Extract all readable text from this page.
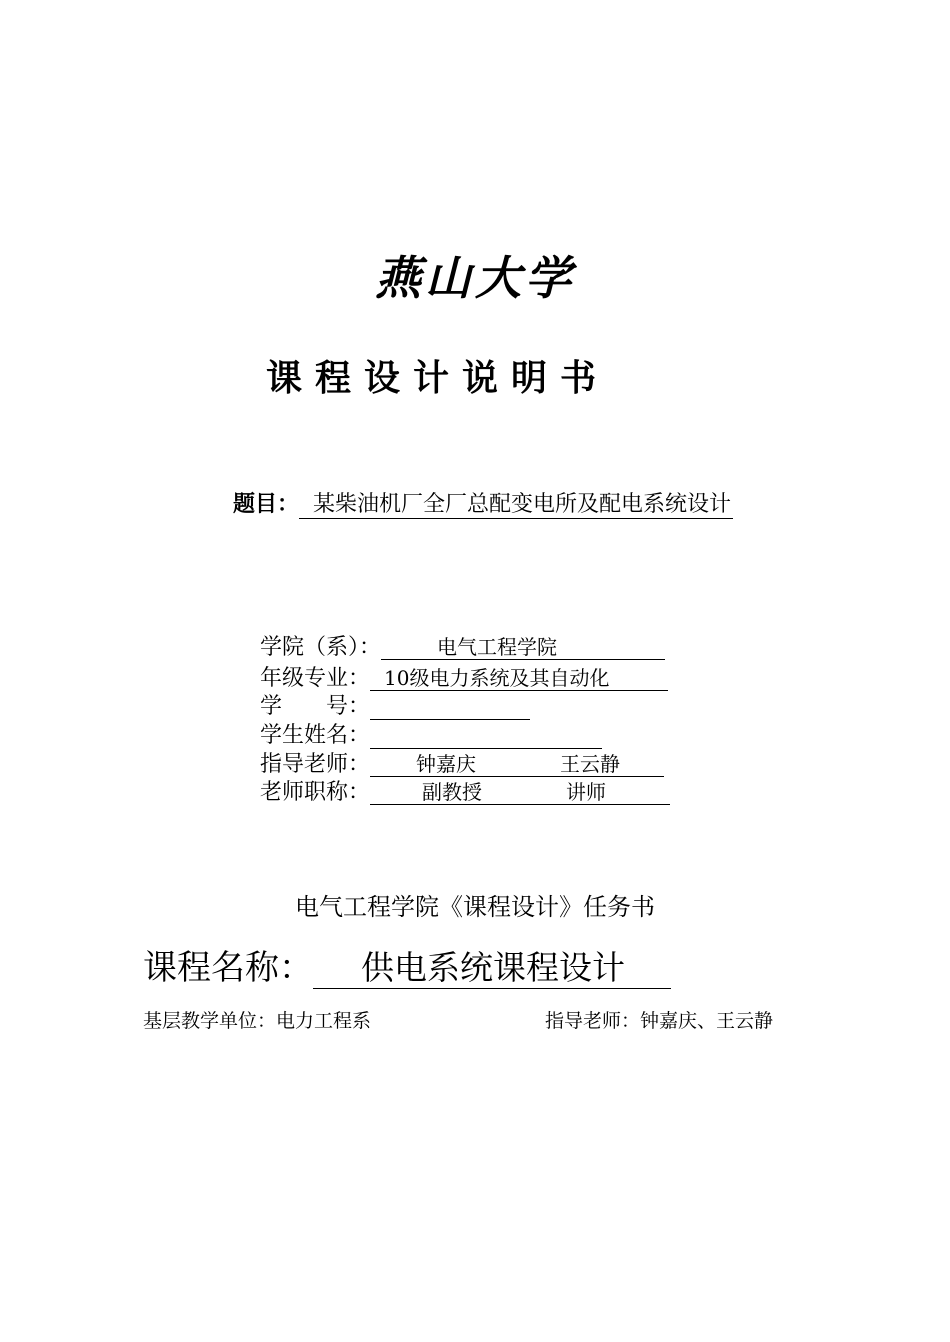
燕山大学
课程设计说明书
题目： 某柴油机厂全厂总配变电所及配电系统设计
学院（系）：	电气工程学院
年级专业： 10级电力系统及其自动化
学　　号：
学生姓名：
指导老师： 钟嘉庆	王云静
老师职称：	副教授	讲师
电气工程学院《课程设计》任务书
课程名称： 供电系统课程设计
基层教学单位：电力工程系	指导老师：钟嘉庆、王云静
